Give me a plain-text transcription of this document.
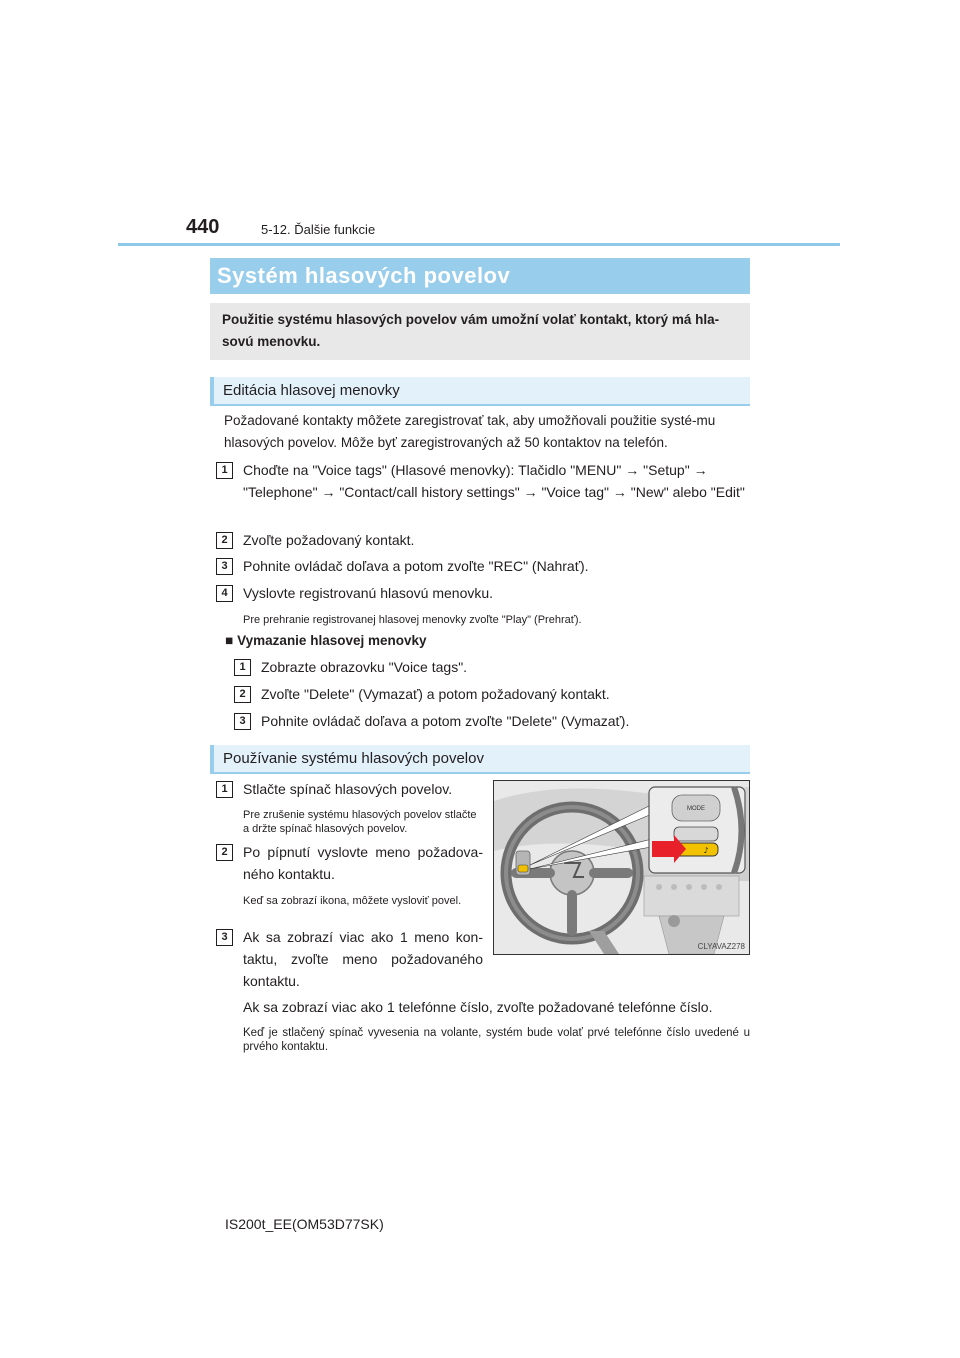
440	5-12. Ďalšie funkcie
Systém hlasových povelov
Použitie systému hlasových povelov vám umožní volať kontakt, ktorý má hla-sovú menovku.
Editácia hlasovej menovky
Požadované kontakty môžete zaregistrovať tak, aby umožňovali použitie systé-mu hlasových povelov. Môže byť zaregistrovaných až 50 kontaktov na telefón.
1	Choďte na "Voice tags" (Hlasové menovky): Tlačidlo "MENU" → "Setup" → "Telephone" → "Contact/call history settings" → "Voice tag" → "New" alebo "Edit"
2	Zvoľte požadovaný kontakt.
3	Pohnite ovládač doľava a potom zvoľte "REC" (Nahrať).
4	Vyslovte registrovanú hlasovú menovku.
Pre prehranie registrovanej hlasovej menovky zvoľte "Play" (Prehrať).
■ Vymazanie hlasovej menovky
1	Zobrazte obrazovku "Voice tags".
2	Zvoľte "Delete" (Vymazať) a potom požadovaný kontakt.
3	Pohnite ovládač doľava a potom zvoľte "Delete" (Vymazať).
Používanie systému hlasových povelov
1	Stlačte spínač hlasových povelov.
Pre zrušenie systému hlasových povelov stlačte a držte spínač hlasových povelov.
2	Po pípnutí vyslovte meno požadova-ného kontaktu.
Keď sa zobrazí ikona, môžete vysloviť povel.
3	Ak sa zobrazí viac ako 1 meno kon-taktu, zvoľte meno požadovaného kontaktu.
MODE
♪
CLYAVAZ278
Ak sa zobrazí viac ako 1 telefónne číslo, zvoľte požadované telefónne číslo.
Keď je stlačený spínač vyvesenia na volante, systém bude volať prvé telefónne číslo uvedené u prvého kontaktu.
IS200t_EE(OM53D77SK)
